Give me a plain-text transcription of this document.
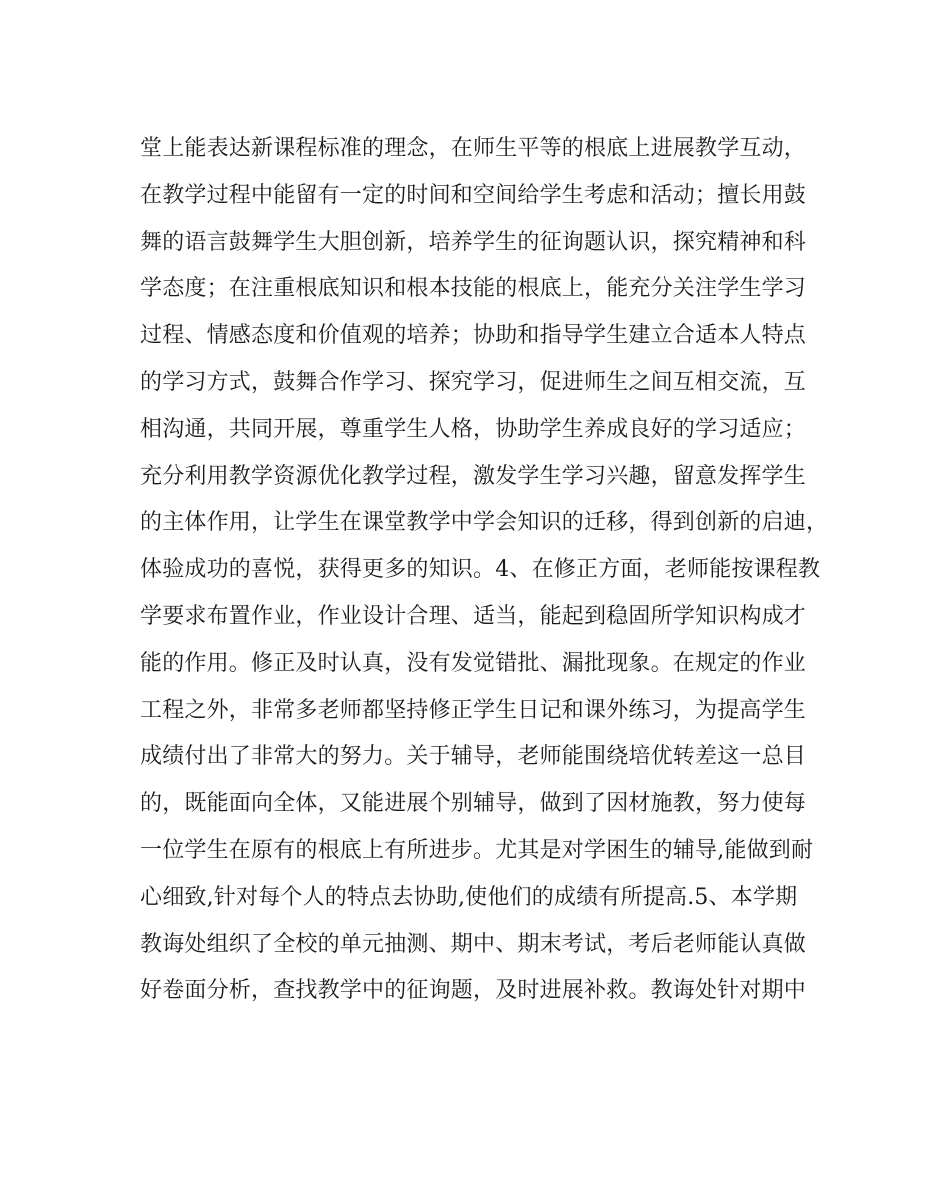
堂上能表达新课程标准的理念，在师生平等的根底上进展教学互动，
在教学过程中能留有一定的时间和空间给学生考虑和活动；擅长用鼓
舞的语言鼓舞学生大胆创新，培养学生的征询题认识，探究精神和科
学态度；在注重根底知识和根本技能的根底上，能充分关注学生学习
过程、情感态度和价值观的培养；协助和指导学生建立合适本人特点
的学习方式，鼓舞合作学习、探究学习，促进师生之间互相交流，互
相沟通，共同开展，尊重学生人格，协助学生养成良好的学习适应；
充分利用教学资源优化教学过程，激发学生学习兴趣，留意发挥学生
的主体作用，让学生在课堂教学中学会知识的迁移，得到创新的启迪，
体验成功的喜悦，获得更多的知识。4、在修正方面，老师能按课程教
学要求布置作业，作业设计合理、适当，能起到稳固所学知识构成才
能的作用。修正及时认真，没有发觉错批、漏批现象。在规定的作业
工程之外，非常多老师都坚持修正学生日记和课外练习，为提高学生
成绩付出了非常大的努力。关于辅导，老师能围绕培优转差这一总目
的，既能面向全体，又能进展个别辅导，做到了因材施教，努力使每
一位学生在原有的根底上有所进步。尤其是对学困生的辅导,能做到耐
心细致,针对每个人的特点去协助,使他们的成绩有所提高.5、本学期
教诲处组织了全校的单元抽测、期中、期末考试，考后老师能认真做
好卷面分析，查找教学中的征询题，及时进展补救。教诲处针对期中
